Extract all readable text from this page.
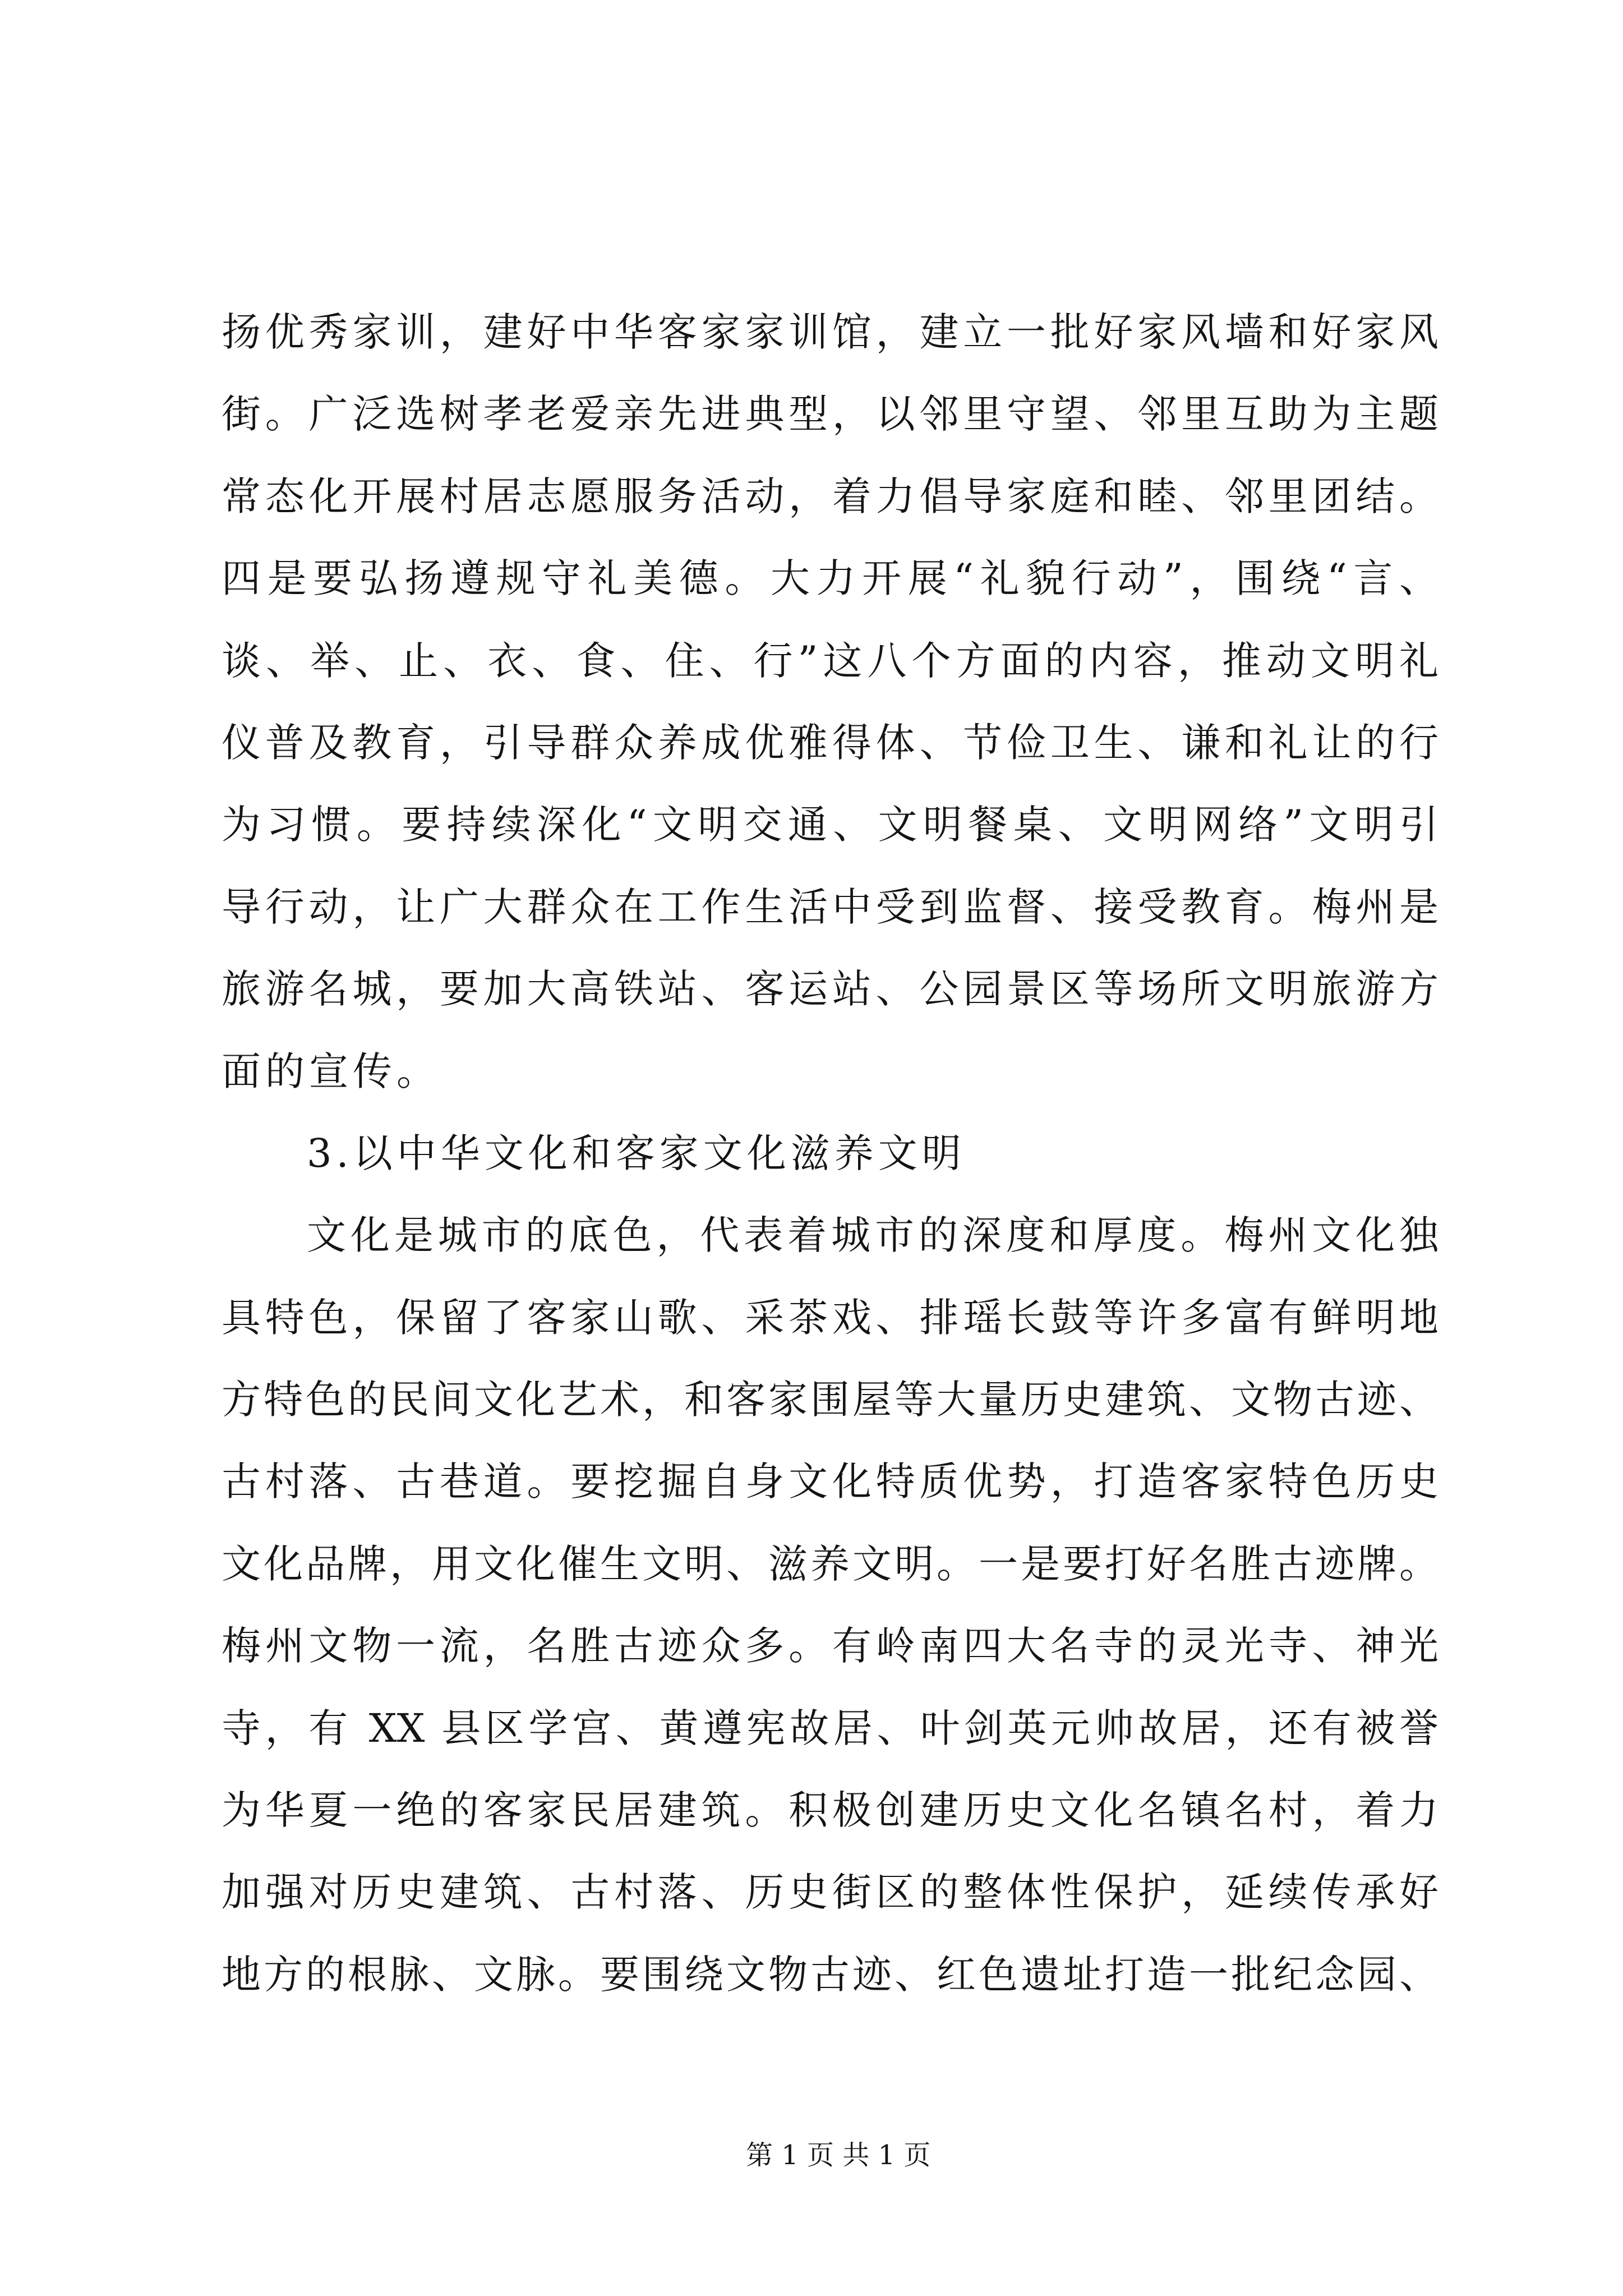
扬优秀家训，建好中华客家家训馆，建立一批好家风墙和好家风
街。广泛选树孝老爱亲先进典型，以邻里守望、邻里互助为主题
常态化开展村居志愿服务活动，着力倡导家庭和睦、邻里团结。
四是要弘扬遵规守礼美德。大力开展“礼貌行动”，围绕“言、
谈、举、止、衣、食、住、行”这八个方面的内容，推动文明礼
仪普及教育，引导群众养成优雅得体、节俭卫生、谦和礼让的行
为习惯。要持续深化“文明交通、文明餐桌、文明网络”文明引
导行动，让广大群众在工作生活中受到监督、接受教育。梅州是
旅游名城，要加大高铁站、客运站、公园景区等场所文明旅游方
面的宣传。
3.以中华文化和客家文化滋养文明
文化是城市的底色，代表着城市的深度和厚度。梅州文化独
具特色，保留了客家山歌、采茶戏、排瑶长鼓等许多富有鲜明地
方特色的民间文化艺术，和客家围屋等大量历史建筑、文物古迹、
古村落、古巷道。要挖掘自身文化特质优势，打造客家特色历史
文化品牌，用文化催生文明、滋养文明。一是要打好名胜古迹牌。
梅州文物一流，名胜古迹众多。有岭南四大名寺的灵光寺、神光
寺，有 XX 县区学宫、黄遵宪故居、叶剑英元帅故居，还有被誉
为华夏一绝的客家民居建筑。积极创建历史文化名镇名村，着力
加强对历史建筑、古村落、历史街区的整体性保护，延续传承好
地方的根脉、文脉。要围绕文物古迹、红色遗址打造一批纪念园、
第 1 页 共 1 页
